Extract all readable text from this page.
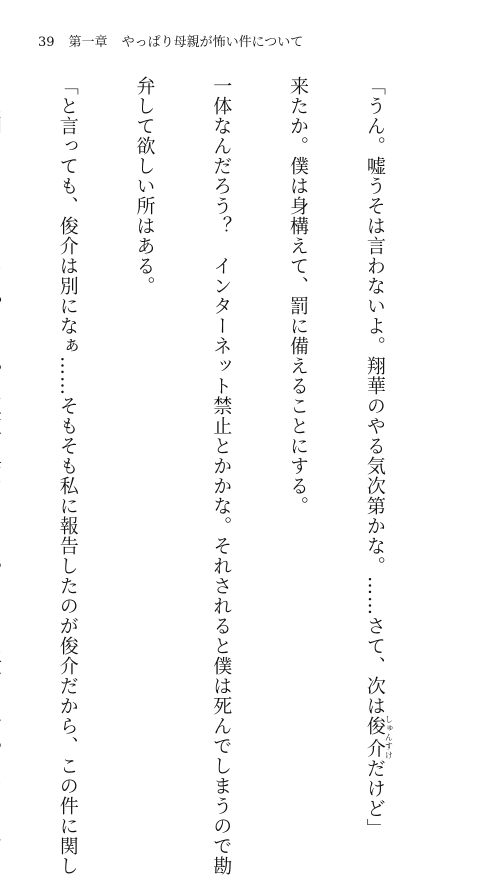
39 第一章 やっぱり母親が怖い件について

「うん。嘘うそは言わないよ。翔華のやる気次第かな。……さて、次は俊介しゅんすけだけど」

来たか。僕は身構えて、罰に備えることにする。

一体なんだろう？　インターネット禁止とかかな。それされると僕は死んでしまうので勘

弁して欲しい所はある。

「と言っても、俊介は別になぁ……そもそも私に報告したのが俊介だから、この件に関し
